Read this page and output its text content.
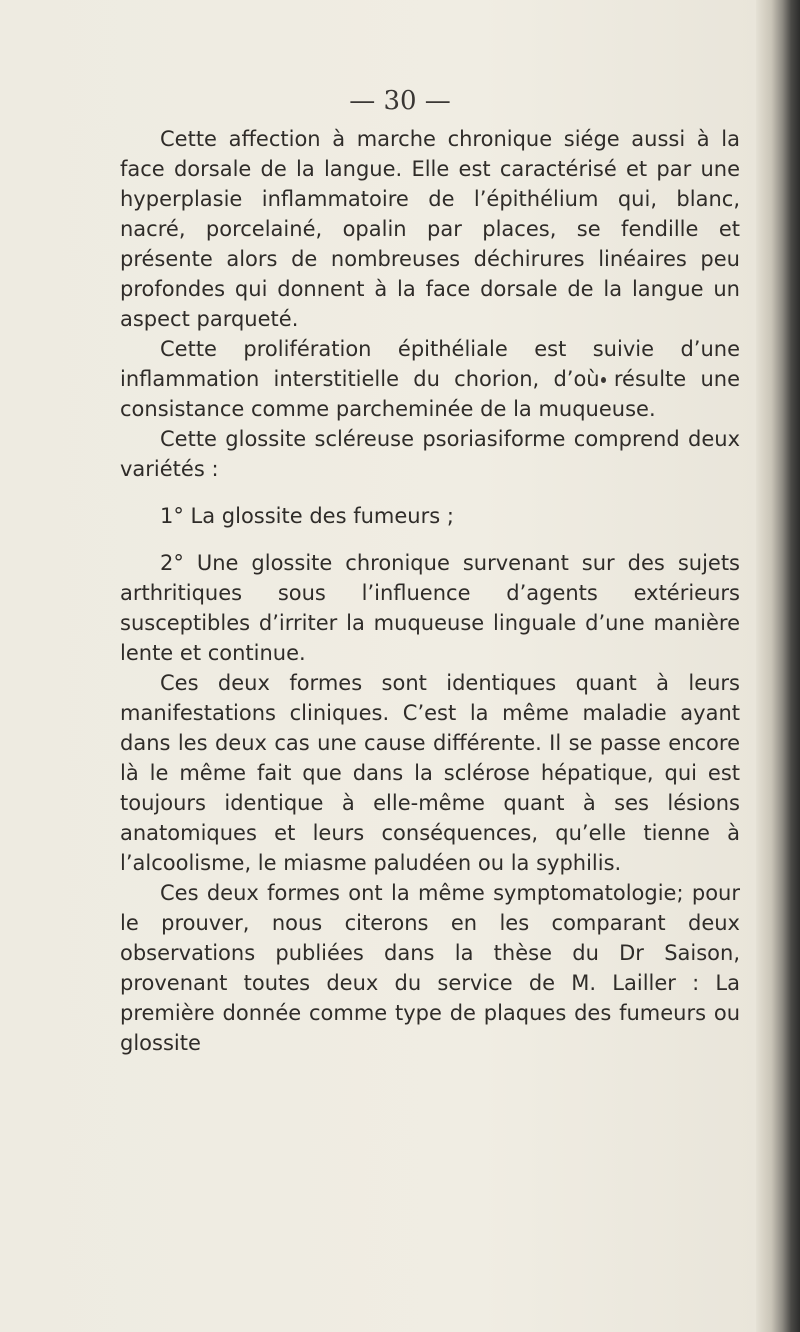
— 30 —

Cette affection à marche chronique siége aussi à la face dorsale de la langue. Elle est caractérisé et par une hyperplasie inflammatoire de l’épithélium qui, blanc, nacré, porcelainé, opalin par places, se fendille et présente alors de nombreuses déchirures linéaires peu profondes qui donnent à la face dorsale de la langue un aspect parqueté.

Cette prolifération épithéliale est suivie d’une inflammation interstitielle du chorion, d’où résulte une consistance comme parcheminée de la muqueuse.

Cette glossite scléreuse psoriasiforme comprend deux variétés :

1° La glossite des fumeurs ;

2° Une glossite chronique survenant sur des sujets arthritiques sous l’influence d’agents extérieurs susceptibles d’irriter la muqueuse linguale d’une manière lente et continue.

Ces deux formes sont identiques quant à leurs manifestations cliniques. C’est la même maladie ayant dans les deux cas une cause différente. Il se passe encore là le même fait que dans la sclérose hépatique, qui est toujours identique à elle-même quant à ses lésions anatomiques et leurs conséquences, qu’elle tienne à l’alcoolisme, le miasme paludéen ou la syphilis.

Ces deux formes ont la même symptomatologie; pour le prouver, nous citerons en les comparant deux observations publiées dans la thèse du Dr Saison, provenant toutes deux du service de M. Lailler : La première donnée comme type de plaques des fumeurs ou glossite
